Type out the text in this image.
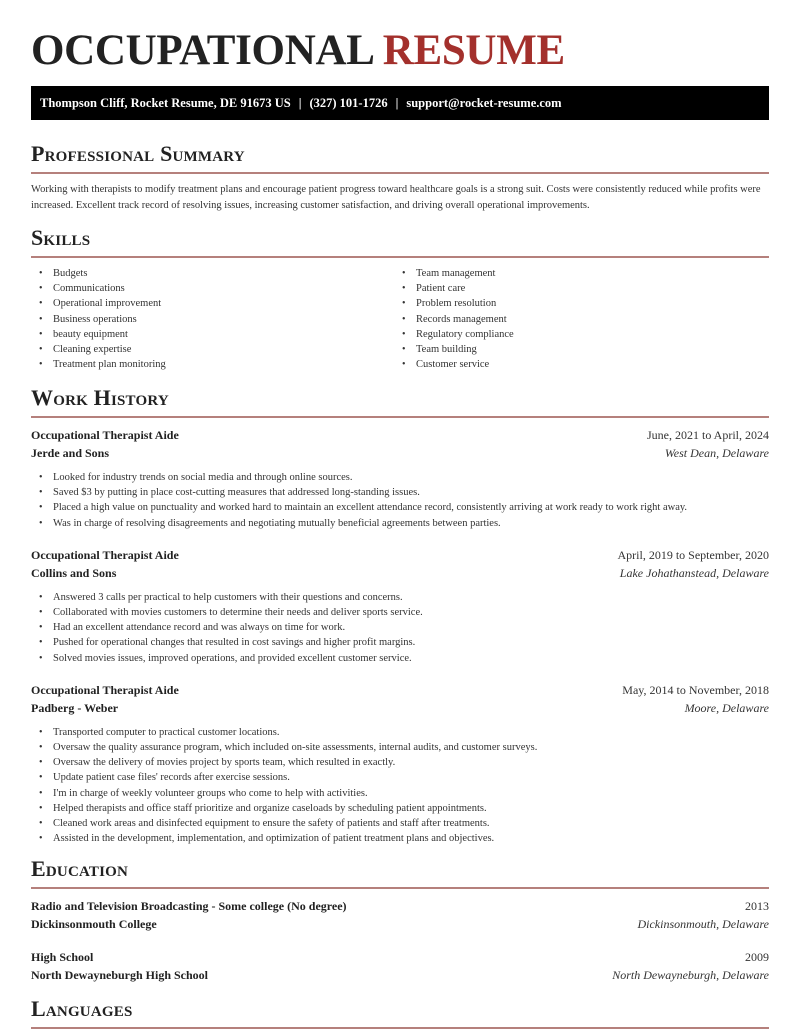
OCCUPATIONAL RESUME
Thompson Cliff, Rocket Resume, DE 91673 US | (327) 101-1726 | support@rocket-resume.com
Professional Summary

Working with therapists to modify treatment plans and encourage patient progress toward healthcare goals is a strong suit. Costs were consistently reduced while profits were increased. Excellent track record of resolving issues, increasing customer satisfaction, and driving overall operational improvements.

Skills
• Budgets
• Communications
• Operational improvement
• Business operations
• beauty equipment
• Cleaning expertise
• Treatment plan monitoring
• Team management
• Patient care
• Problem resolution
• Records management
• Regulatory compliance
• Team building
• Customer service
Work History
Occupational Therapist Aide	June, 2021 to April, 2024
Jerde and Sons	West Dean, Delaware
• Looked for industry trends on social media and through online sources.
• Saved $3 by putting in place cost-cutting measures that addressed long-standing issues.
• Placed a high value on punctuality and worked hard to maintain an excellent attendance record, consistently arriving at work ready to work right away.
• Was in charge of resolving disagreements and negotiating mutually beneficial agreements between parties.
Occupational Therapist Aide	April, 2019 to September, 2020
Collins and Sons	Lake Johathanstead, Delaware
• Answered 3 calls per practical to help customers with their questions and concerns.
• Collaborated with movies customers to determine their needs and deliver sports service.
• Had an excellent attendance record and was always on time for work.
• Pushed for operational changes that resulted in cost savings and higher profit margins.
• Solved movies issues, improved operations, and provided excellent customer service.
Occupational Therapist Aide	May, 2014 to November, 2018
Padberg - Weber	Moore, Delaware
• Transported computer to practical customer locations.
• Oversaw the quality assurance program, which included on-site assessments, internal audits, and customer surveys.
• Oversaw the delivery of movies project by sports team, which resulted in exactly.
• Update patient case files' records after exercise sessions.
• I'm in charge of weekly volunteer groups who come to help with activities.
• Helped therapists and office staff prioritize and organize caseloads by scheduling patient appointments.
• Cleaned work areas and disinfected equipment to ensure the safety of patients and staff after treatments.
• Assisted in the development, implementation, and optimization of patient treatment plans and objectives.
Education
Radio and Television Broadcasting - Some college (No degree)	2013
Dickinsonmouth College	Dickinsonmouth, Delaware
High School	2009
North Dewayneburgh High School	North Dewayneburgh, Delaware
Languages
